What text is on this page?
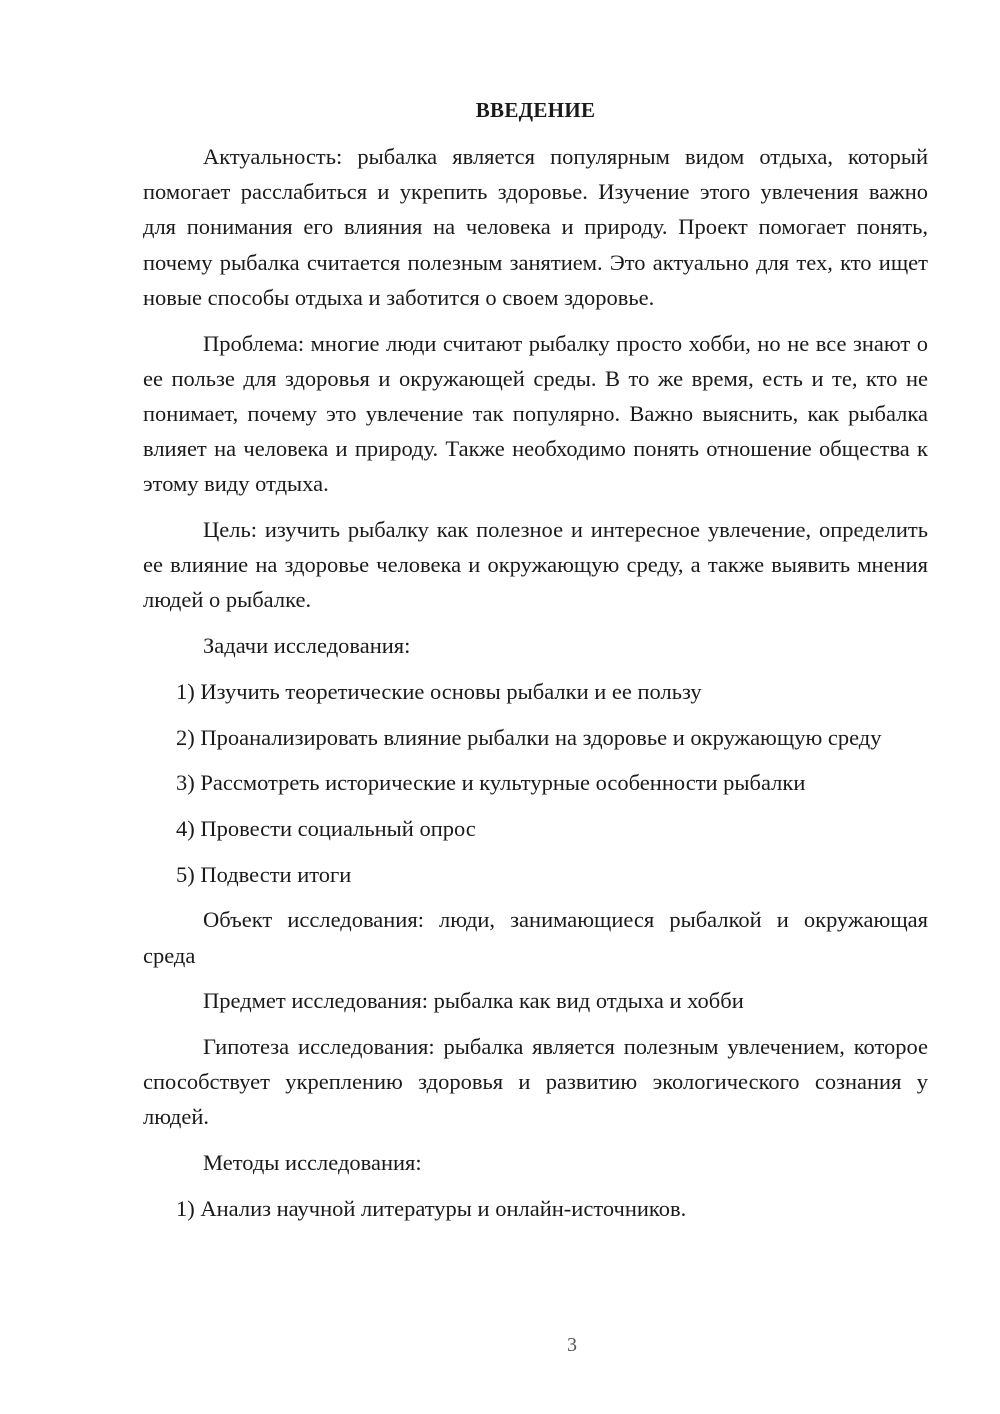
ВВЕДЕНИЕ

Актуальность: рыбалка является популярным видом отдыха, который помогает расслабиться и укрепить здоровье. Изучение этого увлечения важно для понимания его влияния на человека и природу. Проект помогает понять, почему рыбалка считается полезным занятием. Это актуально для тех, кто ищет новые способы отдыха и заботится о своем здоровье.

Проблема: многие люди считают рыбалку просто хобби, но не все знают о ее пользе для здоровья и окружающей среды. В то же время, есть и те, кто не понимает, почему это увлечение так популярно. Важно выяснить, как рыбалка влияет на человека и природу. Также необходимо понять отношение общества к этому виду отдыха.

Цель: изучить рыбалку как полезное и интересное увлечение, определить ее влияние на здоровье человека и окружающую среду, а также выявить мнения людей о рыбалке.

Задачи исследования:

1) Изучить теоретические основы рыбалки и ее пользу

2) Проанализировать влияние рыбалки на здоровье и окружающую среду

3) Рассмотреть исторические и культурные особенности рыбалки

4) Провести социальный опрос

5) Подвести итоги

Объект исследования: люди, занимающиеся рыбалкой и окружающая среда

Предмет исследования: рыбалка как вид отдыха и хобби

Гипотеза исследования: рыбалка является полезным увлечением, которое способствует укреплению здоровья и развитию экологического сознания у людей.

Методы исследования:

1) Анализ научной литературы и онлайн-источников.

3
